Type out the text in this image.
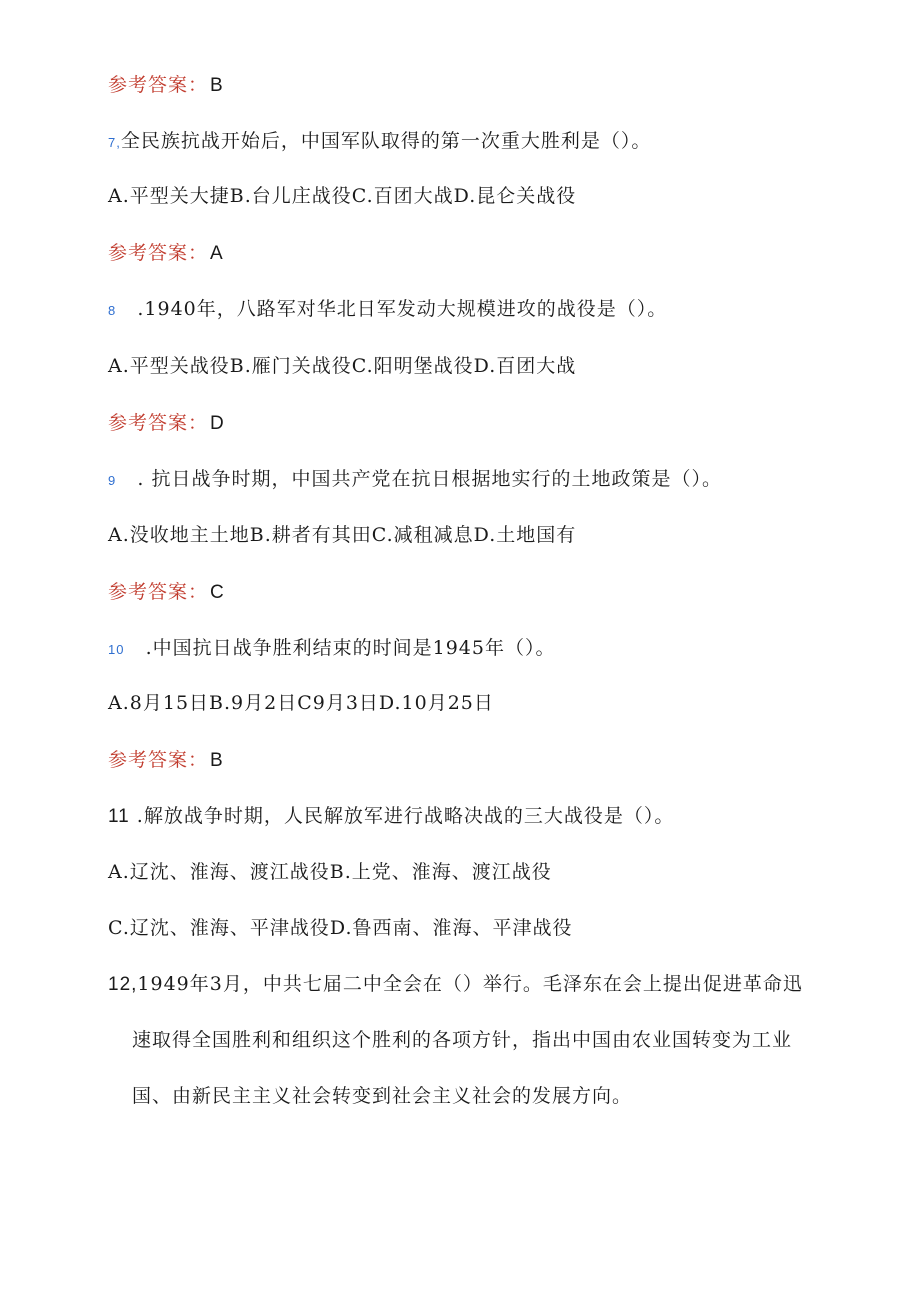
参考答案： B
7,全民族抗战开始后，中国军队取得的第一次重大胜利是（）。
A.平型关大捷B.台儿庄战役C.百团大战D.昆仑关战役
参考答案： A
8 .1940年，八路军对华北日军发动大规模进攻的战役是（）。
A.平型关战役B.雁门关战役C.阳明堡战役D.百团大战
参考答案： D
9 . 抗日战争时期，中国共产党在抗日根据地实行的土地政策是（）。
A.没收地主土地B.耕者有其田C.减租减息D.土地国有
参考答案： C
10 .中国抗日战争胜利结束的时间是1945年（）。
A.8月15日B.9月2日C9月3日D.10月25日
参考答案： B
11 .解放战争时期，人民解放军进行战略决战的三大战役是（）。
A.辽沈、淮海、渡江战役B.上党、淮海、渡江战役
C.辽沈、淮海、平津战役D.鲁西南、淮海、平津战役
12,1949年3月，中共七届二中全会在（）举行。毛泽东在会上提出促进革命迅
速取得全国胜利和组织这个胜利的各项方针，指出中国由农业国转变为工业
国、由新民主主义社会转变到社会主义社会的发展方向。
